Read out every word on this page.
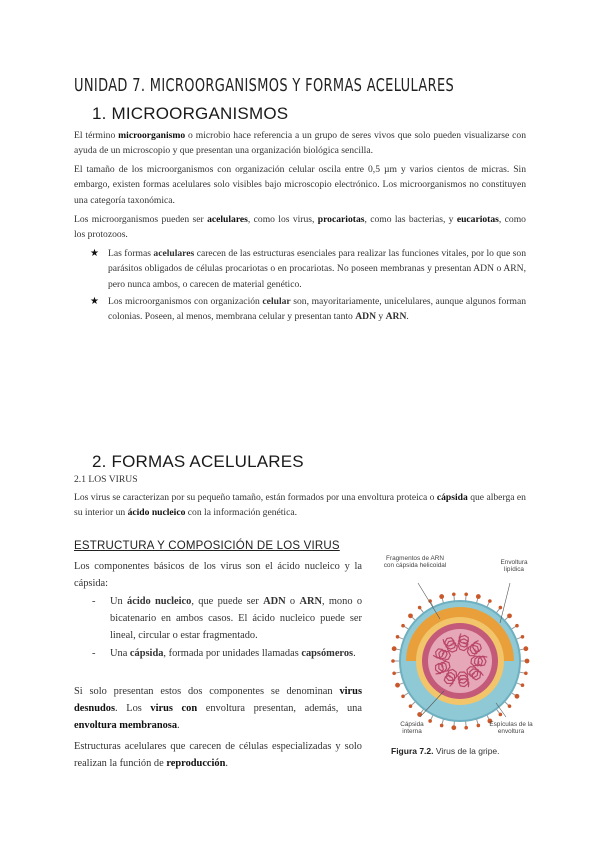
UNIDAD 7. MICROORGANISMOS Y FORMAS ACELULARES
1. MICROORGANISMOS
El término microorganismo o microbio hace referencia a un grupo de seres vivos que solo pueden visualizarse con ayuda de un microscopio y que presentan una organización biológica sencilla.
El tamaño de los microorganismos con organización celular oscila entre 0,5 µm y varios cientos de micras. Sin embargo, existen formas acelulares solo visibles bajo microscopio electrónico. Los microorganismos no constituyen una categoría taxonómica.
Los microorganismos pueden ser acelulares, como los virus, procariotas, como las bacterias, y eucariotas, como los protozoos.
★ Las formas acelulares carecen de las estructuras esenciales para realizar las funciones vitales, por lo que son parásitos obligados de células procariotas o en procariotas. No poseen membranas y presentan ADN o ARN, pero nunca ambos, o carecen de material genético.
★ Los microorganismos con organización celular son, mayoritariamente, unicelulares, aunque algunos forman colonias. Poseen, al menos, membrana celular y presentan tanto ADN y ARN.
2. FORMAS ACELULARES
2.1 LOS VIRUS
Los virus se caracterizan por su pequeño tamaño, están formados por una envoltura proteica o cápsida que alberga en su interior un ácido nucleico con la información genética.
ESTRUCTURA Y COMPOSICIÓN DE LOS VIRUS
Los componentes básicos de los virus son el ácido nucleico y la cápsida:
-	Un ácido nucleico, que puede ser ADN o ARN, mono o bicatenario en ambos casos. El ácido nucleico puede ser lineal, circular o estar fragmentado.
-	Una cápsida, formada por unidades llamadas capsómeros.
Si solo presentan estos dos componentes se denominan virus desnudos. Los virus con envoltura presentan, además, una envoltura membranosa.
Estructuras acelulares que carecen de células especializadas y solo realizan la función de reproducción.
Fragmentos de ARN con cápsida helicoidal	Envoltura lipídica
Cápsida interna
Espículas de la envoltura
Figura 7.2. Virus de la gripe.
